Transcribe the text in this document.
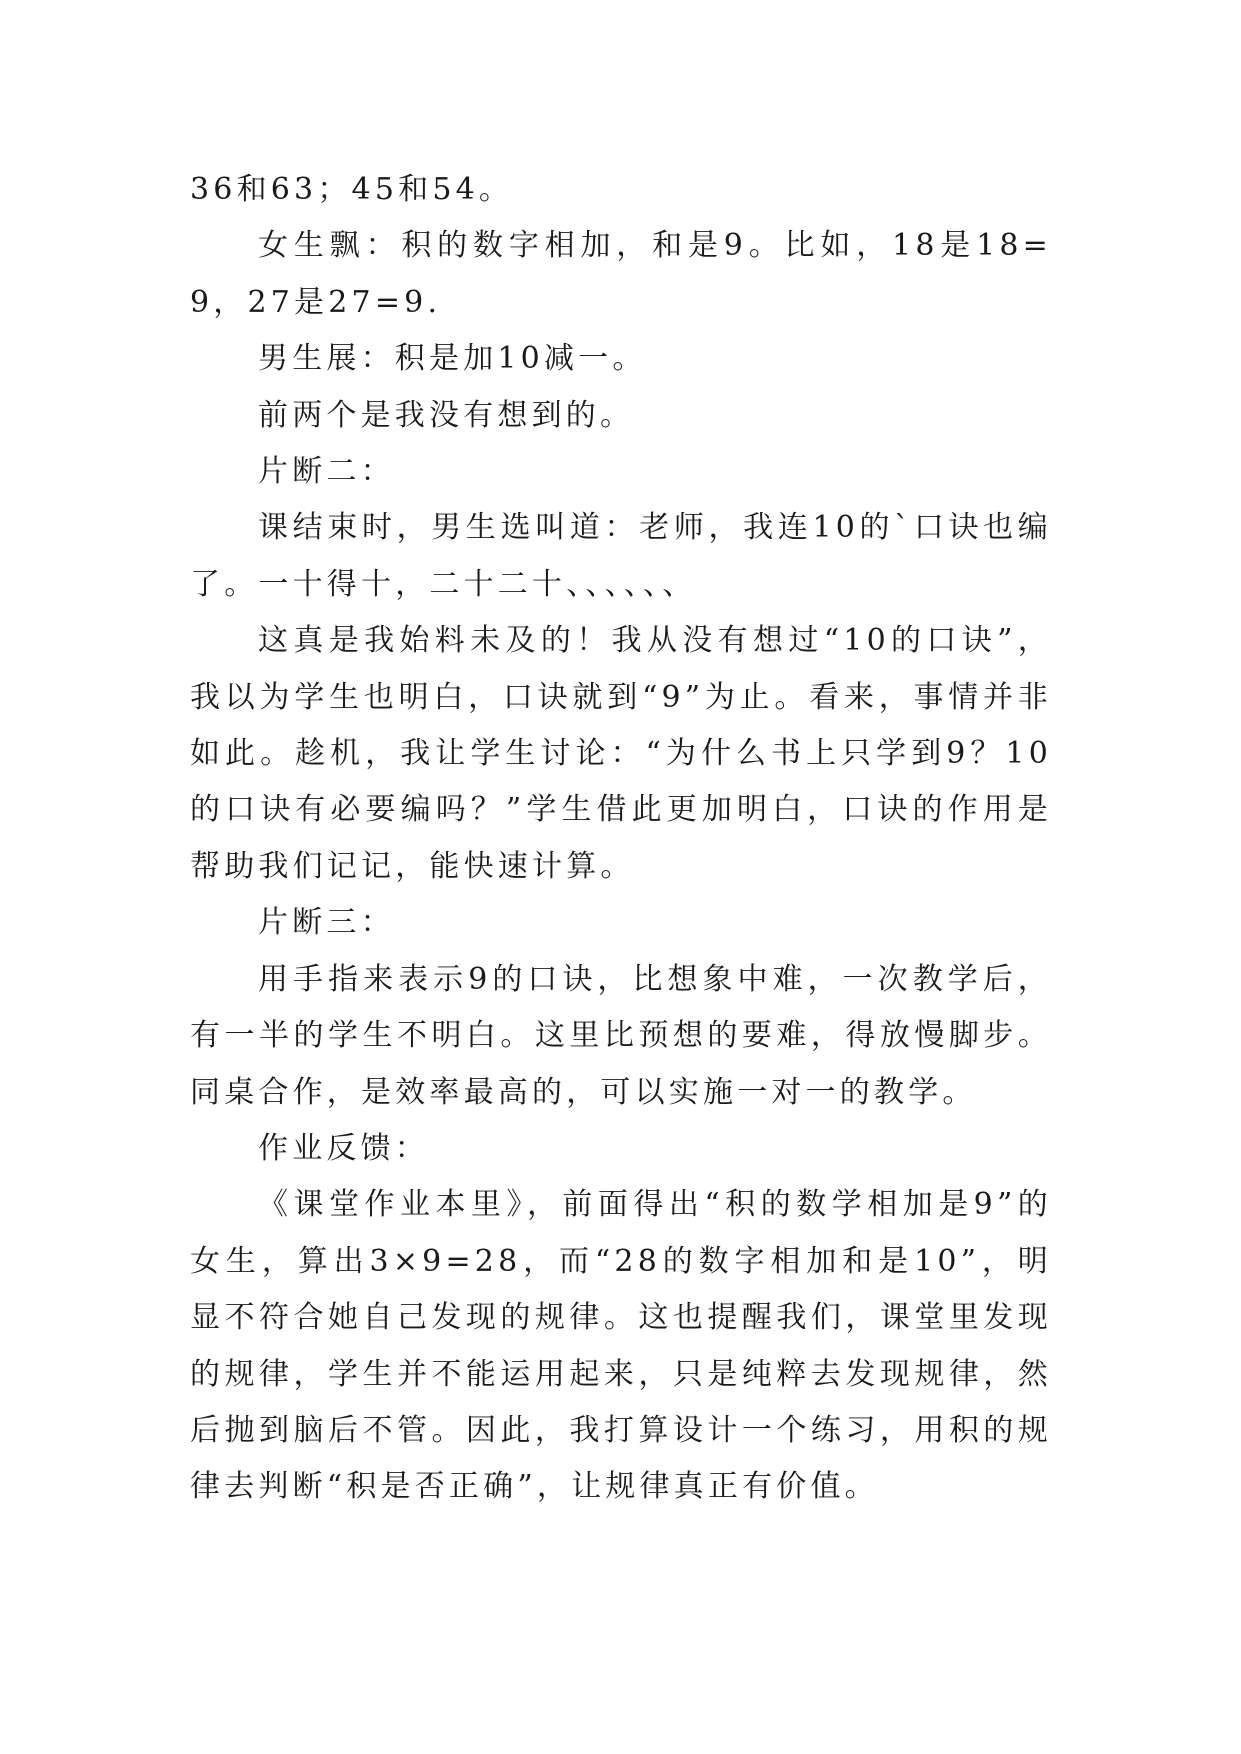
36和63；45和54。

女生飘：积的数字相加，和是9。比如，18是18=9，27是27=9.

男生展：积是加10减一。

前两个是我没有想到的。

片断二：

课结束时，男生选叫道：老师，我连10的`口诀也编了。一十得十，二十二十、、、、、、

这真是我始料未及的！我从没有想过“10的口诀”，我以为学生也明白，口诀就到“9”为止。看来，事情并非如此。趁机，我让学生讨论：“为什么书上只学到9？10的口诀有必要编吗？”学生借此更加明白，口诀的作用是帮助我们记记，能快速计算。

片断三：

用手指来表示9的口诀，比想象中难，一次教学后，有一半的学生不明白。这里比预想的要难，得放慢脚步。同桌合作，是效率最高的，可以实施一对一的教学。

作业反馈：

《课堂作业本里》，前面得出“积的数学相加是9”的女生，算出3×9=28，而“28的数字相加和是10”，明显不符合她自己发现的规律。这也提醒我们，课堂里发现的规律，学生并不能运用起来，只是纯粹去发现规律，然后抛到脑后不管。因此，我打算设计一个练习，用积的规律去判断“积是否正确”，让规律真正有价值。
